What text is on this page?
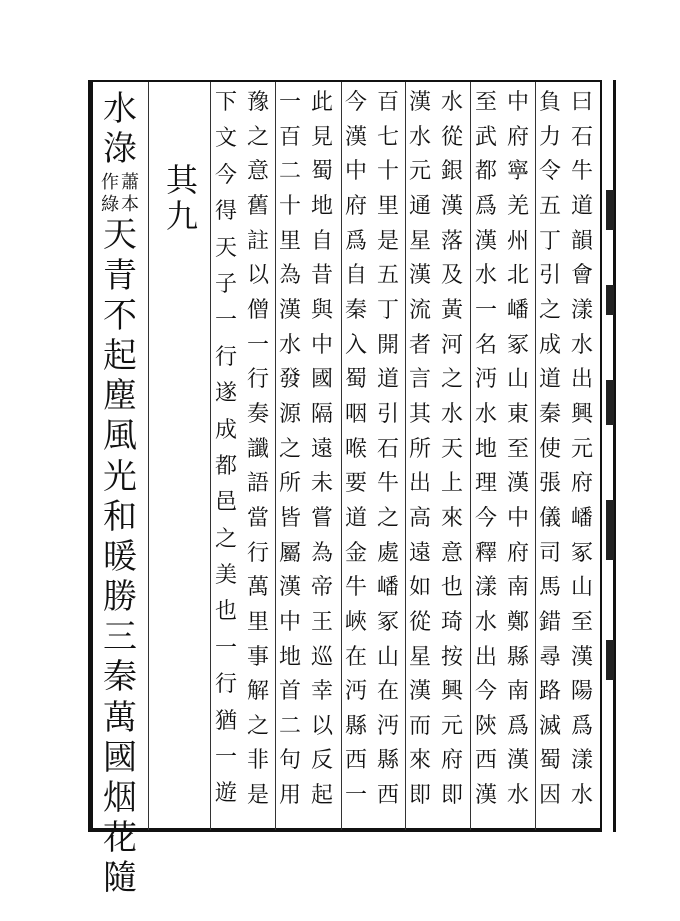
水
淥
作
綠
蕭
本
天
青
不
起
塵
風
光
和
暖
勝
三
秦
萬
國
烟
花
隨
其
九
下
文
今
得
天
子
一
行
遂
成
都
邑
之
美
也
一
行
猶
一
遊
豫
之
意
舊
註
以
僧
一
行
奏
讖
語
當
行
萬
里
事
解
之
非
是
一
百
二
十
里
為
漢
水
發
源
之
所
皆
屬
漢
中
地
首
二
句
用
此
見
蜀
地
自
昔
與
中
國
隔
遠
未
嘗
為
帝
王
巡
幸
以
反
起
今
漢
中
府
爲
自
秦
入
蜀
咽
喉
要
道
金
牛
峽
在
沔
縣
西
一
百
七
十
里
是
五
丁
開
道
引
石
牛
之
處
嶓
冢
山
在
沔
縣
西
漢
水
元
通
星
漢
流
者
言
其
所
出
高
遠
如
從
星
漢
而
來
即
水
從
銀
漢
落
及
黃
河
之
水
天
上
來
意
也
琦
按
興
元
府
即
至
武
都
爲
漢
水
一
名
沔
水
地
理
今
釋
漾
水
出
今
陝
西
漢
中
府
寧
羌
州
北
嶓
冢
山
東
至
漢
中
府
南
鄭
縣
南
爲
漢
水
負
力
令
五
丁
引
之
成
道
秦
使
張
儀
司
馬
錯
尋
路
滅
蜀
因
曰
石
牛
道
韻
會
漾
水
出
興
元
府
嶓
冢
山
至
漢
陽
爲
漾
水
